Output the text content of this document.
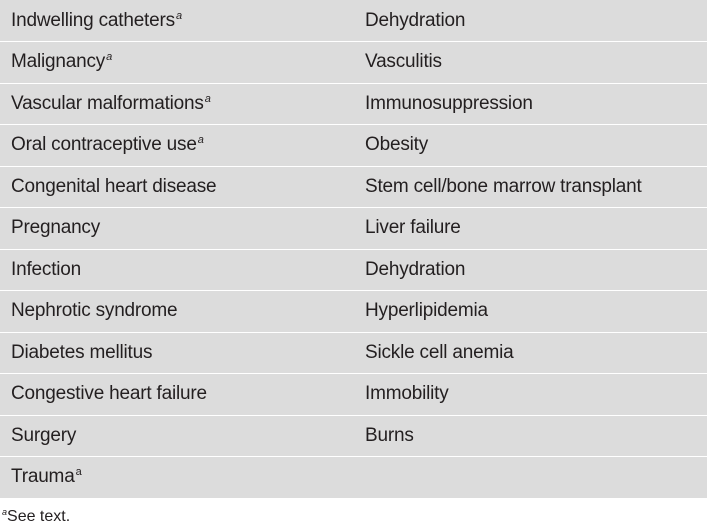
Indwelling catheters$^a$	Dehydration
Malignancy$^a$	Vasculitis
Vascular malformations$^a$	Immunosuppression
Oral contraceptive use$^a$	Obesity
Congenital heart disease	Stem cell/bone marrow transplant
Pregnancy	Liver failure
Infection	Dehydration
Nephrotic syndrome	Hyperlipidemia
Diabetes mellitus	Sickle cell anemia
Congestive heart failure	Immobility
Surgery	Burns
Trauma$^a$	
$^a$See text.
